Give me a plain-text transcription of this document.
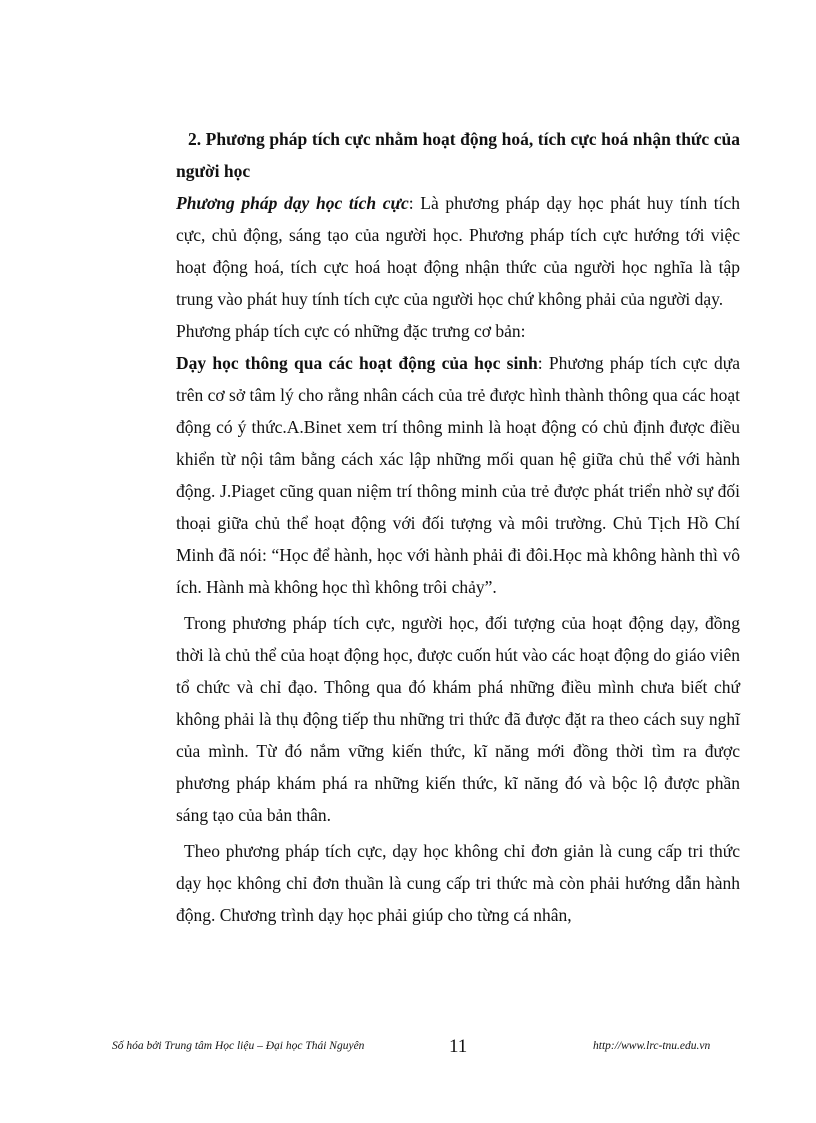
2. Phương pháp tích cực nhằm hoạt động hoá, tích cực hoá nhận thức của người học

Phương pháp dạy học tích cực: Là phương pháp dạy học phát huy tính tích cực, chủ động, sáng tạo của người học. Phương pháp tích cực hướng tới việc hoạt động hoá, tích cực hoá hoạt động nhận thức của người học nghĩa là tập trung vào phát huy tính tích cực của người học chứ không phải của người dạy.

Phương pháp tích cực có những đặc trưng cơ bản:

Dạy học thông qua các hoạt động của học sinh: Phương pháp tích cực dựa trên cơ sở tâm lý cho rằng nhân cách của trẻ được hình thành thông qua các hoạt động có ý thức.A.Binet xem trí thông minh là hoạt động có chủ định được điều khiển từ nội tâm bằng cách xác lập những mối quan hệ giữa chủ thể với hành động. J.Piaget cũng quan niệm trí thông minh của trẻ được phát triển nhờ sự đối thoại giữa chủ thể hoạt động với đối tượng và môi trường. Chủ Tịch Hồ Chí Minh đã nói: “Học để hành, học với hành phải đi đôi.Học mà không hành thì vô ích. Hành mà không học thì không trôi chảy”.

Trong phương pháp tích cực, người học, đối tượng của hoạt động dạy, đồng thời là chủ thể của hoạt động học, được cuốn hút vào các hoạt động do giáo viên tổ chức và chỉ đạo. Thông qua đó khám phá những điều mình chưa biết chứ không phải là thụ động tiếp thu những tri thức đã được đặt ra theo cách suy nghĩ của mình. Từ đó nắm vững kiến thức, kĩ năng mới đồng thời tìm ra được phương pháp khám phá ra những kiến thức, kĩ năng đó và bộc lộ được phần sáng tạo của bản thân.

Theo phương pháp tích cực, dạy học không chỉ đơn giản là cung cấp tri thức dạy học không chỉ đơn thuần là cung cấp tri thức mà còn phải hướng dẫn hành động. Chương trình dạy học phải giúp cho từng cá nhân,

Số hóa bởi Trung tâm Học liệu – Đại học Thái Nguyên	11	http://www.lrc-tnu.edu.vn
